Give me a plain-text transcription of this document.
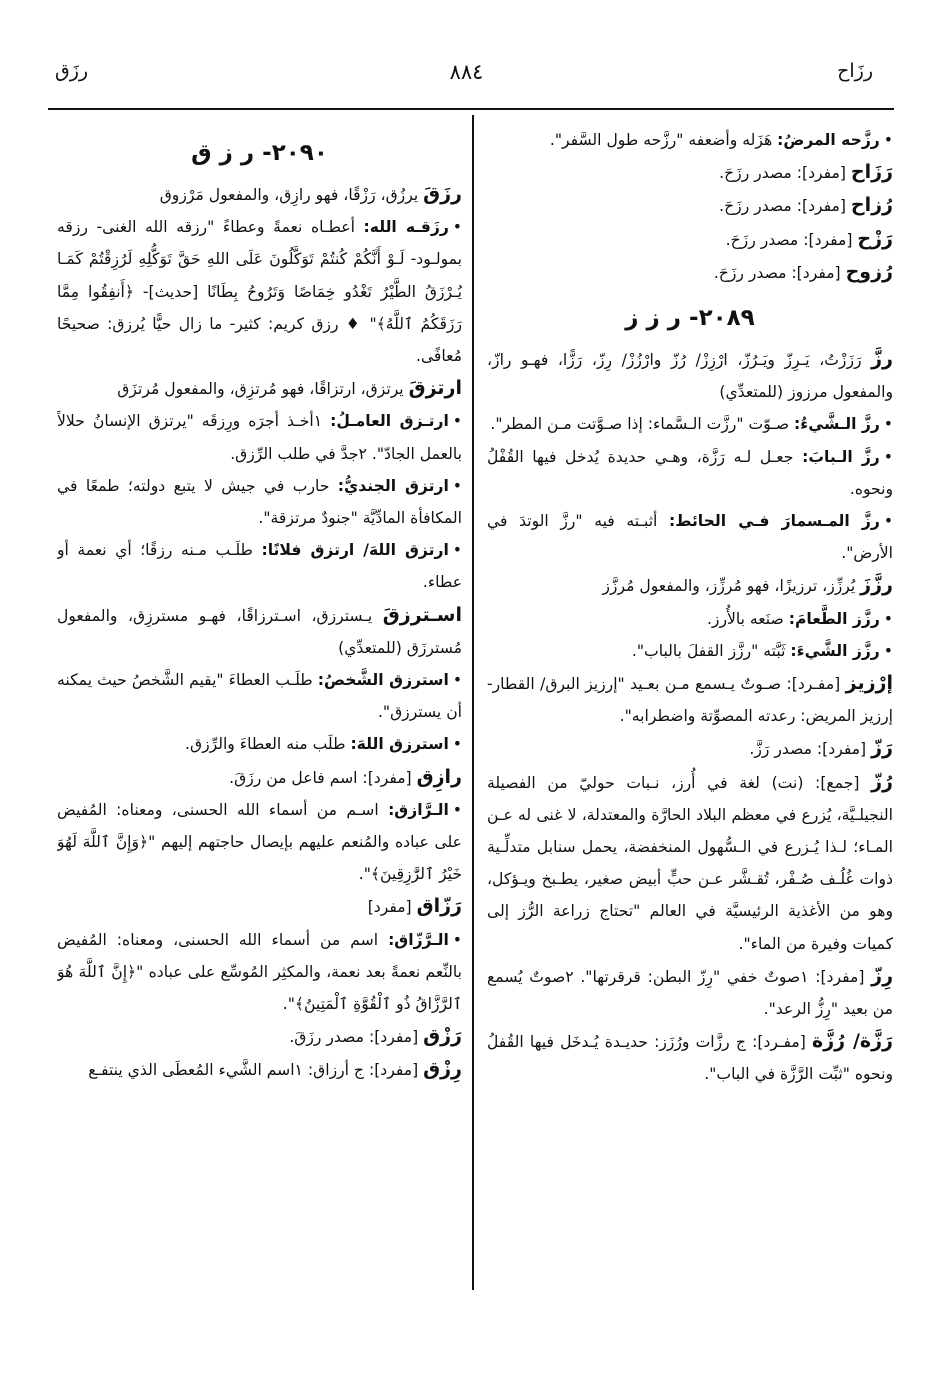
رزَاح
٨٨٤
رزَق

•رزَّحه المرضُ: هَزَله وأضعفه "رزَّحه طول السَّفر".

رَزَاح [مفرد]: مصدر رزَحَ.

رُزاح [مفرد]: مصدر رزَحَ.

رَزْح [مفرد]: مصدر رزَحَ.

رُزوح [مفرد]: مصدر رزَحَ.

٢٠٨٩- ر ز ز

رزَّ رَزَزْتُ، يَـرِزّ ويَـرُزّ، ارْزِزْ/ رُزّ وارْزُزْ/ رِزّ، رَزًّا، فهـو رازّ، والمفعول مرزوز (للمتعدِّي)

•رزَّ الـشَّيءُ: صـوّت "رزَّت الـسَّماء: إذا صـوَّتت مـن المطر".

•رزَّ الـبابَ: جعـل لـه رَزَّة، وهـي حديدة يُدخل فيها القُفْلُ ونحوه.

•رزَّ المـسمارَ فـي الحائط: أثبـته فيه "رزَّ الوتدَ في الأرض".

رزَّزَ يُرزِّز، ترزيزًا، فهو مُرزِّز، والمفعول مُرزَّز

•رزَّز الطَّعامَ: صنَعه بالأُرز.

•رزَّز الشَّيءَ: ثَبَّته "رزَّز القفلَ بالباب".

إرْزيز [مفـرد]: صـوتٌ يـسمع مـن بعـيد "إرزيز البرق/ القطار- إرزيز المريض: رعدته المصوِّتة واضطرابه".

رَزّ [مفرد]: مصدر رَزَّ.

رُزّ [جمع]: (نت) لغة في أُرز، نـبات حوليّ من الفصيلة النجيلـيَّة، يُزرع في معظم البلاد الحارَّة والمعتدلة، لا غنى له عـن المـاء؛ لـذا يُـزرع في الـسُّهول المنخفضة، يحمل سنابل متدلِّـية ذوات غُلُـف صُـفْر، تُقـشَّر عـن حبٍّ أبيض صغير، يطـبخ ويـؤكل، وهو من الأغذية الرئيسيَّة في العالم "تحتاج زراعة الرُّز إلى كميات وفيرة من الماء".

رِزّ [مفرد]: ١صوتٌ خفي "رِزّ البطن: قرقرتها". ٢صوتٌ يُسمع من بعيد "رِزُّ الرعد".

رَزَّة/ رُزَّة [مفـرد]: ج رزَّات ورُزَز: حديـدة يُـدخَل فيها القُفلُ ونحوه "ثبِّت الرَّزَّة في الباب".

٢٠٩٠- ر ز ق

رزَقَ يرزُق، رَزْقًا، فهو رازِق، والمفعول مَرْزوق

•رزَقـه الله: أعطـاه نعمةً وعطاءً "رزقه الله الغنى- رزقه بمولـود- لَـوْ أَنَّكُمْ كُنتُمْ تَوَكَّلُونَ عَلَى اللهِ حَقَّ تَوَكُّلِهِ لَرُزِقْتُمْ كَمَـا يُـرْزَقُ الطَّيْرُ تَغْدُو خِمَاصًا وَتَرُوحُ بِطَانًا [حديث]- ﴿أَنفِقُوا مِمَّا رَزَقَكُمُ ٱللَّهُ﴾" ♦ رزق كريم: كثير- ما زال حيًّا يُرزق: صحيحًا مُعافًى.

ارتزقَ يرتزق، ارتزاقًا، فهو مُرتزِق، والمفعول مُرتزَق

•ارتـزق العامـلُ: ١أخـذ أجرَه ورِزقَه "يرتزق الإنسانُ حلالاً بالعمل الجادّ". ٢جدَّ في طلب الرِّزق.

•ارتزق الجنديُّ: حارب في جيش لا يتبع دولته؛ طمعًا في المكافأة المادِّيَّة "جنودٌ مرتزقة".

•ارتزق اللهَ/ ارتزق فلانًا: طلَـب مـنه رزقًا؛ أي نعمة أو عطاء.

اسـترزقَ يـسترزق، اسـترزاقًا، فهـو مسترزِق، والمفعول مُسترزَق (للمتعدِّي)

•استرزق الشَّخصُ: طلَـب العطاءَ "يقيم الشَّخصُ حيث يمكنه أن يسترزق".

•استرزق اللهَ: طلَب منه العطاءَ والرِّزق.

رازِق [مفرد]: اسم فاعل من رزَقَ.

•الـرَّازق: اسـم من أسماء الله الحسنى، ومعناه: المُفيض على عباده والمُنعم عليهم بإيصال حاجتهم إليهم "﴿وَإِنَّ ٱللَّهَ لَهُوَ خَيْرُ ٱلرَّٰزِقِينَ﴾".

رَزّاق [مفرد]

•الـرَّزّاق: اسم من أسماء الله الحسنى، ومعناه: المُفيض بالنِّعم نعمةً بعد نعمة، والمكثِر المُوسِّع على عباده "﴿إِنَّ ٱللَّهَ هُوَ ٱلرَّزَّاقُ ذُو ٱلْقُوَّةِ ٱلْمَتِينُ﴾".

رَزْق [مفرد]: مصدر رزَقَ.

رِزْق [مفرد]: ج أرزاق: ١اسم الشَّيء المُعطَى الذي ينتفـع
